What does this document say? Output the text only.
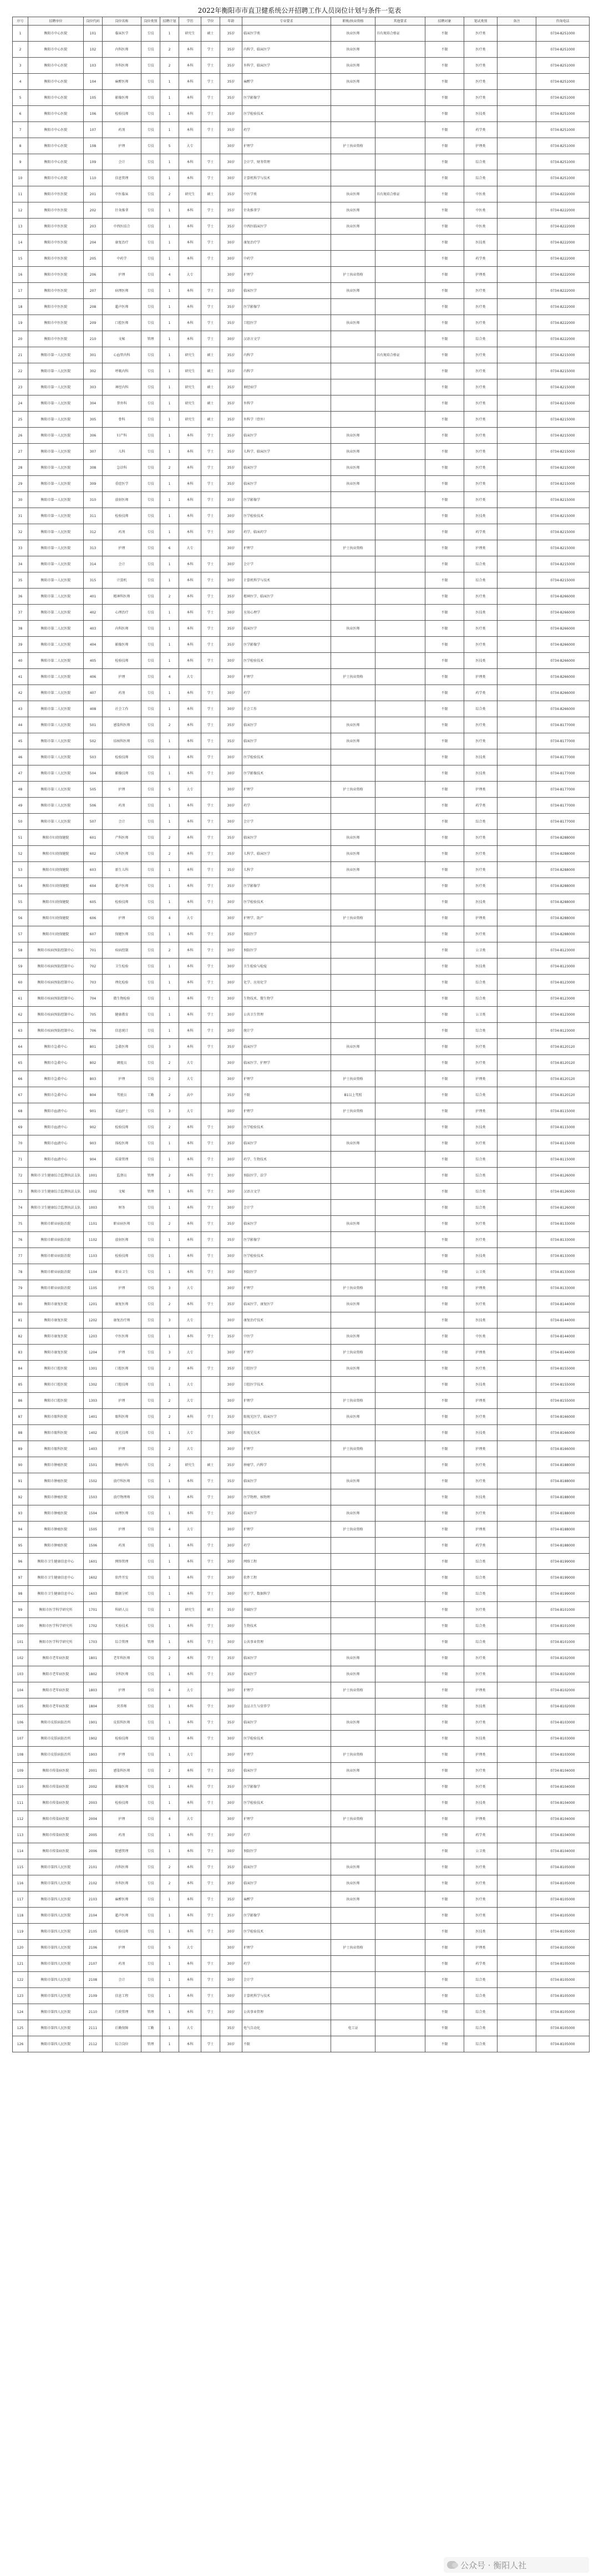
2022年衡阳市市直卫健系统公开招聘工作人员岗位计划与条件一览表
序号	招聘单位	岗位代码	岗位名称	岗位类别	招聘计划	学历	学位	年龄	专业要求	职称/执业资格	其他要求	招聘对象	笔试类别	备注	咨询电话
1	衡阳市中心医院	101	临床医学	专技	1	研究生	硕士	35岁	临床医学类	执业医师	具有规培合格证	不限	医疗类		0734-8251000
2	衡阳市中心医院	102	内科医师	专技	2	本科	学士	35岁	内科学、临床医学	执业医师		不限	医疗类		0734-8251000
3	衡阳市中心医院	103	外科医师	专技	2	本科	学士	35岁	外科学、临床医学	执业医师		不限	医疗类		0734-8251000
4	衡阳市中心医院	104	麻醉医师	专技	1	本科	学士	35岁	麻醉学	执业医师		不限	医疗类		0734-8251000
5	衡阳市中心医院	105	影像医师	专技	1	本科	学士	35岁	医学影像学			不限	医疗类		0734-8251000
6	衡阳市中心医院	106	检验技师	专技	1	本科	学士	35岁	医学检验技术			不限	医技类		0734-8251000
7	衡阳市中心医院	107	药剂	专技	1	本科	学士	35岁	药学			不限	药学类		0734-8251000
8	衡阳市中心医院	108	护理	专技	5	大专		30岁	护理学	护士执业资格		不限	护理类		0734-8251000
9	衡阳市中心医院	109	会计	专技	1	本科	学士	30岁	会计学、财务管理			不限	综合类		0734-8251000
10	衡阳市中心医院	110	信息管理	专技	1	本科	学士	30岁	计算机科学与技术			不限	综合类		0734-8251000
11	衡阳市中医医院	201	中医临床	专技	2	研究生	硕士	35岁	中医学类	执业医师	具有规培合格证	不限	中医类		0734-8222000
12	衡阳市中医医院	202	针灸推拿	专技	1	本科	学士	35岁	针灸推拿学	执业医师		不限	中医类		0734-8222000
13	衡阳市中医医院	203	中西医结合	专技	1	本科	学士	35岁	中西医临床医学	执业医师		不限	中医类		0734-8222000
14	衡阳市中医医院	204	康复治疗	专技	1	本科	学士	30岁	康复治疗学			不限	医技类		0734-8222000
15	衡阳市中医医院	205	中药学	专技	1	本科	学士	30岁	中药学			不限	药学类		0734-8222000
16	衡阳市中医医院	206	护理	专技	4	大专		30岁	护理学	护士执业资格		不限	护理类		0734-8222000
17	衡阳市中医医院	207	病理医师	专技	1	本科	学士	35岁	临床医学	执业医师		不限	医疗类		0734-8222000
18	衡阳市中医医院	208	超声医师	专技	1	本科	学士	35岁	医学影像学			不限	医疗类		0734-8222000
19	衡阳市中医医院	209	口腔医师	专技	1	本科	学士	35岁	口腔医学	执业医师		不限	医疗类		0734-8222000
20	衡阳市中医医院	210	文秘	管理	1	本科	学士	30岁	汉语言文学			不限	综合类		0734-8222000
21	衡阳市第一人民医院	301	心血管内科	专技	1	研究生	硕士	35岁	内科学		具有规培合格证	不限	医疗类		0734-8215000
22	衡阳市第一人民医院	302	呼吸内科	专技	1	研究生	硕士	35岁	内科学			不限	医疗类		0734-8215000
23	衡阳市第一人民医院	303	神经内科	专技	1	研究生	硕士	35岁	神经病学			不限	医疗类		0734-8215000
24	衡阳市第一人民医院	304	普外科	专技	1	研究生	硕士	35岁	外科学			不限	医疗类		0734-8215000
25	衡阳市第一人民医院	305	骨科	专技	1	研究生	硕士	35岁	外科学（骨外）			不限	医疗类		0734-8215000
26	衡阳市第一人民医院	306	妇产科	专技	1	本科	学士	35岁	临床医学	执业医师		不限	医疗类		0734-8215000
27	衡阳市第一人民医院	307	儿科	专技	1	本科	学士	35岁	儿科学、临床医学	执业医师		不限	医疗类		0734-8215000
28	衡阳市第一人民医院	308	急诊科	专技	2	本科	学士	35岁	临床医学	执业医师		不限	医疗类		0734-8215000
29	衡阳市第一人民医院	309	重症医学	专技	1	本科	学士	35岁	临床医学	执业医师		不限	医疗类		0734-8215000
30	衡阳市第一人民医院	310	放射医师	专技	1	本科	学士	35岁	医学影像学			不限	医疗类		0734-8215000
31	衡阳市第一人民医院	311	检验技师	专技	1	本科	学士	30岁	医学检验技术			不限	医技类		0734-8215000
32	衡阳市第一人民医院	312	药剂	专技	1	本科	学士	30岁	药学、临床药学			不限	药学类		0734-8215000
33	衡阳市第一人民医院	313	护理	专技	6	大专		30岁	护理学	护士执业资格		不限	护理类		0734-8215000
34	衡阳市第一人民医院	314	会计	专技	1	本科	学士	30岁	会计学			不限	综合类		0734-8215000
35	衡阳市第一人民医院	315	计算机	专技	1	本科	学士	30岁	计算机科学与技术			不限	综合类		0734-8215000
36	衡阳市第二人民医院	401	精神科医师	专技	2	本科	学士	35岁	精神医学、临床医学			不限	医疗类		0734-8266000
37	衡阳市第二人民医院	402	心理治疗	专技	1	本科	学士	30岁	应用心理学			不限	医技类		0734-8266000
38	衡阳市第二人民医院	403	内科医师	专技	1	本科	学士	35岁	临床医学	执业医师		不限	医疗类		0734-8266000
39	衡阳市第二人民医院	404	影像医师	专技	1	本科	学士	35岁	医学影像学			不限	医疗类		0734-8266000
40	衡阳市第二人民医院	405	检验技师	专技	1	本科	学士	30岁	医学检验技术			不限	医技类		0734-8266000
41	衡阳市第二人民医院	406	护理	专技	4	大专		30岁	护理学	护士执业资格		不限	护理类		0734-8266000
42	衡阳市第二人民医院	407	药剂	专技	1	本科	学士	30岁	药学			不限	药学类		0734-8266000
43	衡阳市第二人民医院	408	社会工作	专技	1	本科	学士	30岁	社会工作			不限	综合类		0734-8266000
44	衡阳市第三人民医院	501	感染科医师	专技	2	本科	学士	35岁	临床医学	执业医师		不限	医疗类		0734-8177000
45	衡阳市第三人民医院	502	结核科医师	专技	1	本科	学士	35岁	临床医学	执业医师		不限	医疗类		0734-8177000
46	衡阳市第三人民医院	503	检验技师	专技	1	本科	学士	30岁	医学检验技术			不限	医技类		0734-8177000
47	衡阳市第三人民医院	504	影像技师	专技	1	本科	学士	30岁	医学影像技术			不限	医技类		0734-8177000
48	衡阳市第三人民医院	505	护理	专技	5	大专		30岁	护理学	护士执业资格		不限	护理类		0734-8177000
49	衡阳市第三人民医院	506	药剂	专技	1	本科	学士	30岁	药学			不限	药学类		0734-8177000
50	衡阳市第三人民医院	507	会计	专技	1	本科	学士	30岁	会计学			不限	综合类		0734-8177000
51	衡阳市妇幼保健院	601	产科医师	专技	2	本科	学士	35岁	临床医学	执业医师		不限	医疗类		0734-8288000
52	衡阳市妇幼保健院	602	儿科医师	专技	2	本科	学士	35岁	儿科学、临床医学	执业医师		不限	医疗类		0734-8288000
53	衡阳市妇幼保健院	603	新生儿科	专技	1	本科	学士	35岁	儿科学	执业医师		不限	医疗类		0734-8288000
54	衡阳市妇幼保健院	604	超声医师	专技	1	本科	学士	35岁	医学影像学			不限	医疗类		0734-8288000
55	衡阳市妇幼保健院	605	检验技师	专技	1	本科	学士	30岁	医学检验技术			不限	医技类		0734-8288000
56	衡阳市妇幼保健院	606	护理	专技	4	大专		30岁	护理学、助产	护士执业资格		不限	护理类		0734-8288000
57	衡阳市妇幼保健院	607	保健医师	专技	1	本科	学士	35岁	预防医学			不限	医疗类		0734-8288000
58	衡阳市疾病预防控制中心	701	疾病控制	专技	2	本科	学士	30岁	预防医学			不限	公卫类		0734-8123000
59	衡阳市疾病预防控制中心	702	卫生检验	专技	1	本科	学士	30岁	卫生检验与检疫			不限	医技类		0734-8123000
60	衡阳市疾病预防控制中心	703	理化检验	专技	1	本科	学士	30岁	化学、应用化学			不限	综合类		0734-8123000
61	衡阳市疾病预防控制中心	704	微生物检验	专技	1	本科	学士	30岁	生物技术、微生物学			不限	综合类		0734-8123000
62	衡阳市疾病预防控制中心	705	健康教育	专技	1	本科	学士	30岁	公共卫生管理			不限	公卫类		0734-8123000
63	衡阳市疾病预防控制中心	706	信息统计	专技	1	本科	学士	30岁	统计学			不限	综合类		0734-8123000
64	衡阳市急救中心	801	急救医师	专技	3	本科	学士	35岁	临床医学	执业医师		不限	医疗类		0734-8120120
65	衡阳市急救中心	802	调度员	专技	2	大专		30岁	临床医学、护理学			不限	医疗类		0734-8120120
66	衡阳市急救中心	803	护理	专技	2	大专		30岁	护理学	护士执业资格		不限	护理类		0734-8120120
67	衡阳市急救中心	804	驾驶员	工勤	2	高中		35岁	不限	B1以上驾照		不限	综合类		0734-8120120
68	衡阳市血液中心	901	采血护士	专技	3	大专		30岁	护理学	护士执业资格		不限	护理类		0734-8115000
69	衡阳市血液中心	902	检验技师	专技	2	本科	学士	30岁	医学检验技术			不限	医技类		0734-8115000
70	衡阳市血液中心	903	体检医师	专技	1	本科	学士	35岁	临床医学	执业医师		不限	医疗类		0734-8115000
71	衡阳市血液中心	904	质量管理	专技	1	本科	学士	30岁	药学、生物技术			不限	综合类		0734-8115000
72	衡阳市卫生健康综合监督执法支队	1001	监督员	管理	2	本科	学士	30岁	预防医学、法学			不限	综合类		0734-8126000
73	衡阳市卫生健康综合监督执法支队	1002	文秘	管理	1	本科	学士	30岁	汉语言文学			不限	综合类		0734-8126000
74	衡阳市卫生健康综合监督执法支队	1003	财务	专技	1	本科	学士	30岁	会计学			不限	综合类		0734-8126000
75	衡阳市职业病防治院	1101	职业病医师	专技	2	本科	学士	35岁	临床医学	执业医师		不限	医疗类		0734-8133000
76	衡阳市职业病防治院	1102	放射医师	专技	1	本科	学士	35岁	医学影像学			不限	医疗类		0734-8133000
77	衡阳市职业病防治院	1103	检验技师	专技	1	本科	学士	30岁	医学检验技术			不限	医技类		0734-8133000
78	衡阳市职业病防治院	1104	职业卫生	专技	1	本科	学士	30岁	预防医学			不限	公卫类		0734-8133000
79	衡阳市职业病防治院	1105	护理	专技	3	大专		30岁	护理学	护士执业资格		不限	护理类		0734-8133000
80	衡阳市康复医院	1201	康复医师	专技	2	本科	学士	35岁	临床医学、康复医学	执业医师		不限	医疗类		0734-8144000
81	衡阳市康复医院	1202	康复治疗师	专技	3	大专		30岁	康复治疗技术			不限	医技类		0734-8144000
82	衡阳市康复医院	1203	中医医师	专技	1	本科	学士	35岁	中医学	执业医师		不限	中医类		0734-8144000
83	衡阳市康复医院	1204	护理	专技	3	大专		30岁	护理学	护士执业资格		不限	护理类		0734-8144000
84	衡阳市口腔医院	1301	口腔医师	专技	2	本科	学士	35岁	口腔医学	执业医师		不限	医疗类		0734-8155000
85	衡阳市口腔医院	1302	口腔技师	专技	1	大专		30岁	口腔医学技术			不限	医技类		0734-8155000
86	衡阳市口腔医院	1303	护理	专技	2	大专		30岁	护理学	护士执业资格		不限	护理类		0734-8155000
87	衡阳市眼科医院	1401	眼科医师	专技	2	本科	学士	35岁	眼视光医学、临床医学	执业医师		不限	医疗类		0734-8166000
88	衡阳市眼科医院	1402	视光技师	专技	1	大专		30岁	眼视光技术			不限	医技类		0734-8166000
89	衡阳市眼科医院	1403	护理	专技	2	大专		30岁	护理学	护士执业资格		不限	护理类		0734-8166000
90	衡阳市肿瘤医院	1501	肿瘤内科	专技	2	研究生	硕士	35岁	肿瘤学、内科学			不限	医疗类		0734-8188000
91	衡阳市肿瘤医院	1502	放疗科医师	专技	1	本科	学士	35岁	临床医学	执业医师		不限	医疗类		0734-8188000
92	衡阳市肿瘤医院	1503	放疗物理师	专技	1	本科	学士	30岁	医学物理、核物理			不限	医技类		0734-8188000
93	衡阳市肿瘤医院	1504	病理医师	专技	1	本科	学士	35岁	临床医学	执业医师		不限	医疗类		0734-8188000
94	衡阳市肿瘤医院	1505	护理	专技	4	大专		30岁	护理学	护士执业资格		不限	护理类		0734-8188000
95	衡阳市肿瘤医院	1506	药剂	专技	1	本科	学士	30岁	药学			不限	药学类		0734-8188000
96	衡阳市卫生健康信息中心	1601	网络管理	专技	1	本科	学士	30岁	网络工程			不限	综合类		0734-8199000
97	衡阳市卫生健康信息中心	1602	软件开发	专技	1	本科	学士	30岁	软件工程			不限	综合类		0734-8199000
98	衡阳市卫生健康信息中心	1603	数据分析	专技	1	本科	学士	30岁	统计学、数据科学			不限	综合类		0734-8199000
99	衡阳市医学科学研究所	1701	科研人员	专技	1	研究生	硕士	35岁	基础医学			不限	医疗类		0734-8101000
100	衡阳市医学科学研究所	1702	实验技术	专技	1	本科	学士	30岁	生物技术			不限	综合类		0734-8101000
101	衡阳市医学科学研究所	1703	综合管理	管理	1	本科	学士	30岁	公共事业管理			不限	综合类		0734-8101000
102	衡阳市老年病医院	1801	老年科医师	专技	2	本科	学士	35岁	临床医学	执业医师		不限	医疗类		0734-8102000
103	衡阳市老年病医院	1802	全科医师	专技	1	本科	学士	35岁	临床医学	执业医师		不限	医疗类		0734-8102000
104	衡阳市老年病医院	1803	护理	专技	4	大专		30岁	护理学	护士执业资格		不限	护理类		0734-8102000
105	衡阳市老年病医院	1804	营养师	专技	1	本科	学士	30岁	食品卫生与营养学			不限	医技类		0734-8102000
106	衡阳市皮肤病防治所	1901	皮肤科医师	专技	1	本科	学士	35岁	临床医学	执业医师		不限	医疗类		0734-8103000
107	衡阳市皮肤病防治所	1902	检验技师	专技	1	本科	学士	30岁	医学检验技术			不限	医技类		0734-8103000
108	衡阳市皮肤病防治所	1903	护理	专技	1	大专		30岁	护理学	护士执业资格		不限	护理类		0734-8103000
109	衡阳市传染病医院	2001	感染科医师	专技	2	本科	学士	35岁	临床医学	执业医师		不限	医疗类		0734-8104000
110	衡阳市传染病医院	2002	影像医师	专技	1	本科	学士	35岁	医学影像学			不限	医疗类		0734-8104000
111	衡阳市传染病医院	2003	检验技师	专技	1	本科	学士	30岁	医学检验技术			不限	医技类		0734-8104000
112	衡阳市传染病医院	2004	护理	专技	4	大专		30岁	护理学	护士执业资格		不限	护理类		0734-8104000
113	衡阳市传染病医院	2005	药剂	专技	1	本科	学士	30岁	药学			不限	药学类		0734-8104000
114	衡阳市传染病医院	2006	院感管理	专技	1	本科	学士	30岁	预防医学			不限	公卫类		0734-8104000
115	衡阳市第四人民医院	2101	内科医师	专技	2	本科	学士	35岁	临床医学	执业医师		不限	医疗类		0734-8105000
116	衡阳市第四人民医院	2102	外科医师	专技	2	本科	学士	35岁	临床医学	执业医师		不限	医疗类		0734-8105000
117	衡阳市第四人民医院	2103	麻醉医师	专技	1	本科	学士	35岁	麻醉学	执业医师		不限	医疗类		0734-8105000
118	衡阳市第四人民医院	2104	超声医师	专技	1	本科	学士	35岁	医学影像学			不限	医疗类		0734-8105000
119	衡阳市第四人民医院	2105	检验技师	专技	1	本科	学士	30岁	医学检验技术			不限	医技类		0734-8105000
120	衡阳市第四人民医院	2106	护理	专技	5	大专		30岁	护理学	护士执业资格		不限	护理类		0734-8105000
121	衡阳市第四人民医院	2107	药剂	专技	1	本科	学士	30岁	药学			不限	药学类		0734-8105000
122	衡阳市第四人民医院	2108	会计	专技	1	本科	学士	30岁	会计学			不限	综合类		0734-8105000
123	衡阳市第四人民医院	2109	信息工程	专技	1	本科	学士	30岁	计算机科学与技术			不限	综合类		0734-8105000
124	衡阳市第四人民医院	2110	行政管理	管理	1	本科	学士	30岁	公共事业管理			不限	综合类		0734-8105000
125	衡阳市第四人民医院	2111	后勤保障	工勤	1	大专		35岁	电气自动化	电工证		不限	综合类		0734-8105000
126	衡阳市第四人民医院	2112	综合岗位	管理	1	本科	学士	30岁	不限			不限	综合类		0734-8105000
公众号 · 衡阳人社
